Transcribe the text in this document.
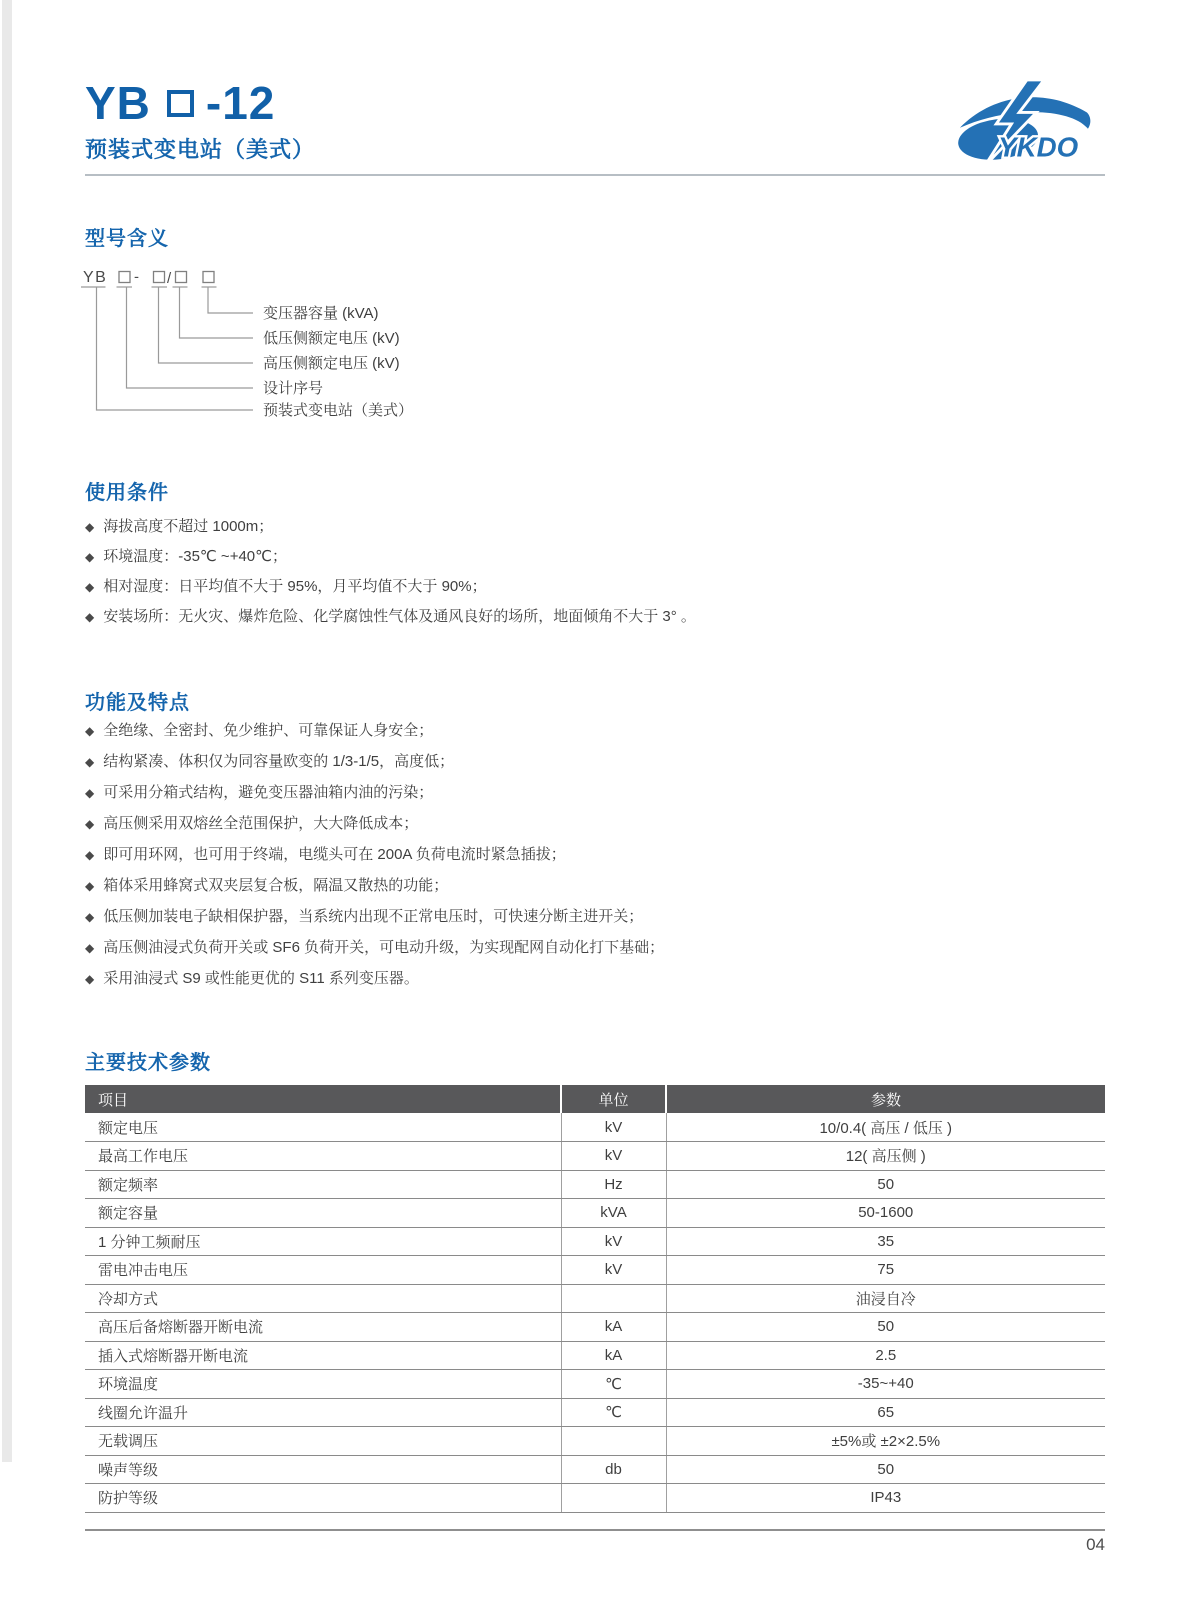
YB -12
预装式变电站（美式）	YKDO
型号含义
YB - /
变压器容量 (kVA)
低压侧额定电压 (kV)
高压侧额定电压 (kV)
设计序号
预装式变电站（美式）
使用条件
◆ 海拔高度不超过 1000m；
◆ 环境温度：-35℃ ~+40℃；
◆ 相对湿度：日平均值不大于 95%，月平均值不大于 90%；
◆ 安装场所：无火灾、爆炸危险、化学腐蚀性气体及通风良好的场所，地面倾角不大于 3° 。
功能及特点
◆ 全绝缘、全密封、免少维护、可靠保证人身安全；
◆ 结构紧凑、体积仅为同容量欧变的 1/3-1/5，高度低；
◆ 可采用分箱式结构，避免变压器油箱内油的污染；
◆ 高压侧采用双熔丝全范围保护，大大降低成本；
◆ 即可用环网，也可用于终端，电缆头可在 200A 负荷电流时紧急插拔；
◆ 箱体采用蜂窝式双夹层复合板，隔温又散热的功能；
◆ 低压侧加装电子缺相保护器，当系统内出现不正常电压时，可快速分断主进开关；
◆ 高压侧油浸式负荷开关或 SF6 负荷开关，可电动升级，为实现配网自动化打下基础；
◆ 采用油浸式 S9 或性能更优的 S11 系列变压器。
主要技术参数
项目	单位	参数
额定电压	kV	10/0.4( 高压 / 低压 )
最高工作电压	kV	12( 高压侧 )
额定频率	Hz	50
额定容量	kVA	50-1600
1 分钟工频耐压	kV	35
雷电冲击电压	kV	75
冷却方式		油浸自冷
高压后备熔断器开断电流	kA	50
插入式熔断器开断电流	kA	2.5
环境温度	℃	-35~+40
线圈允许温升	℃	65
无载调压		±5%或 ±2×2.5%
噪声等级	db	50
防护等级		IP43
04
